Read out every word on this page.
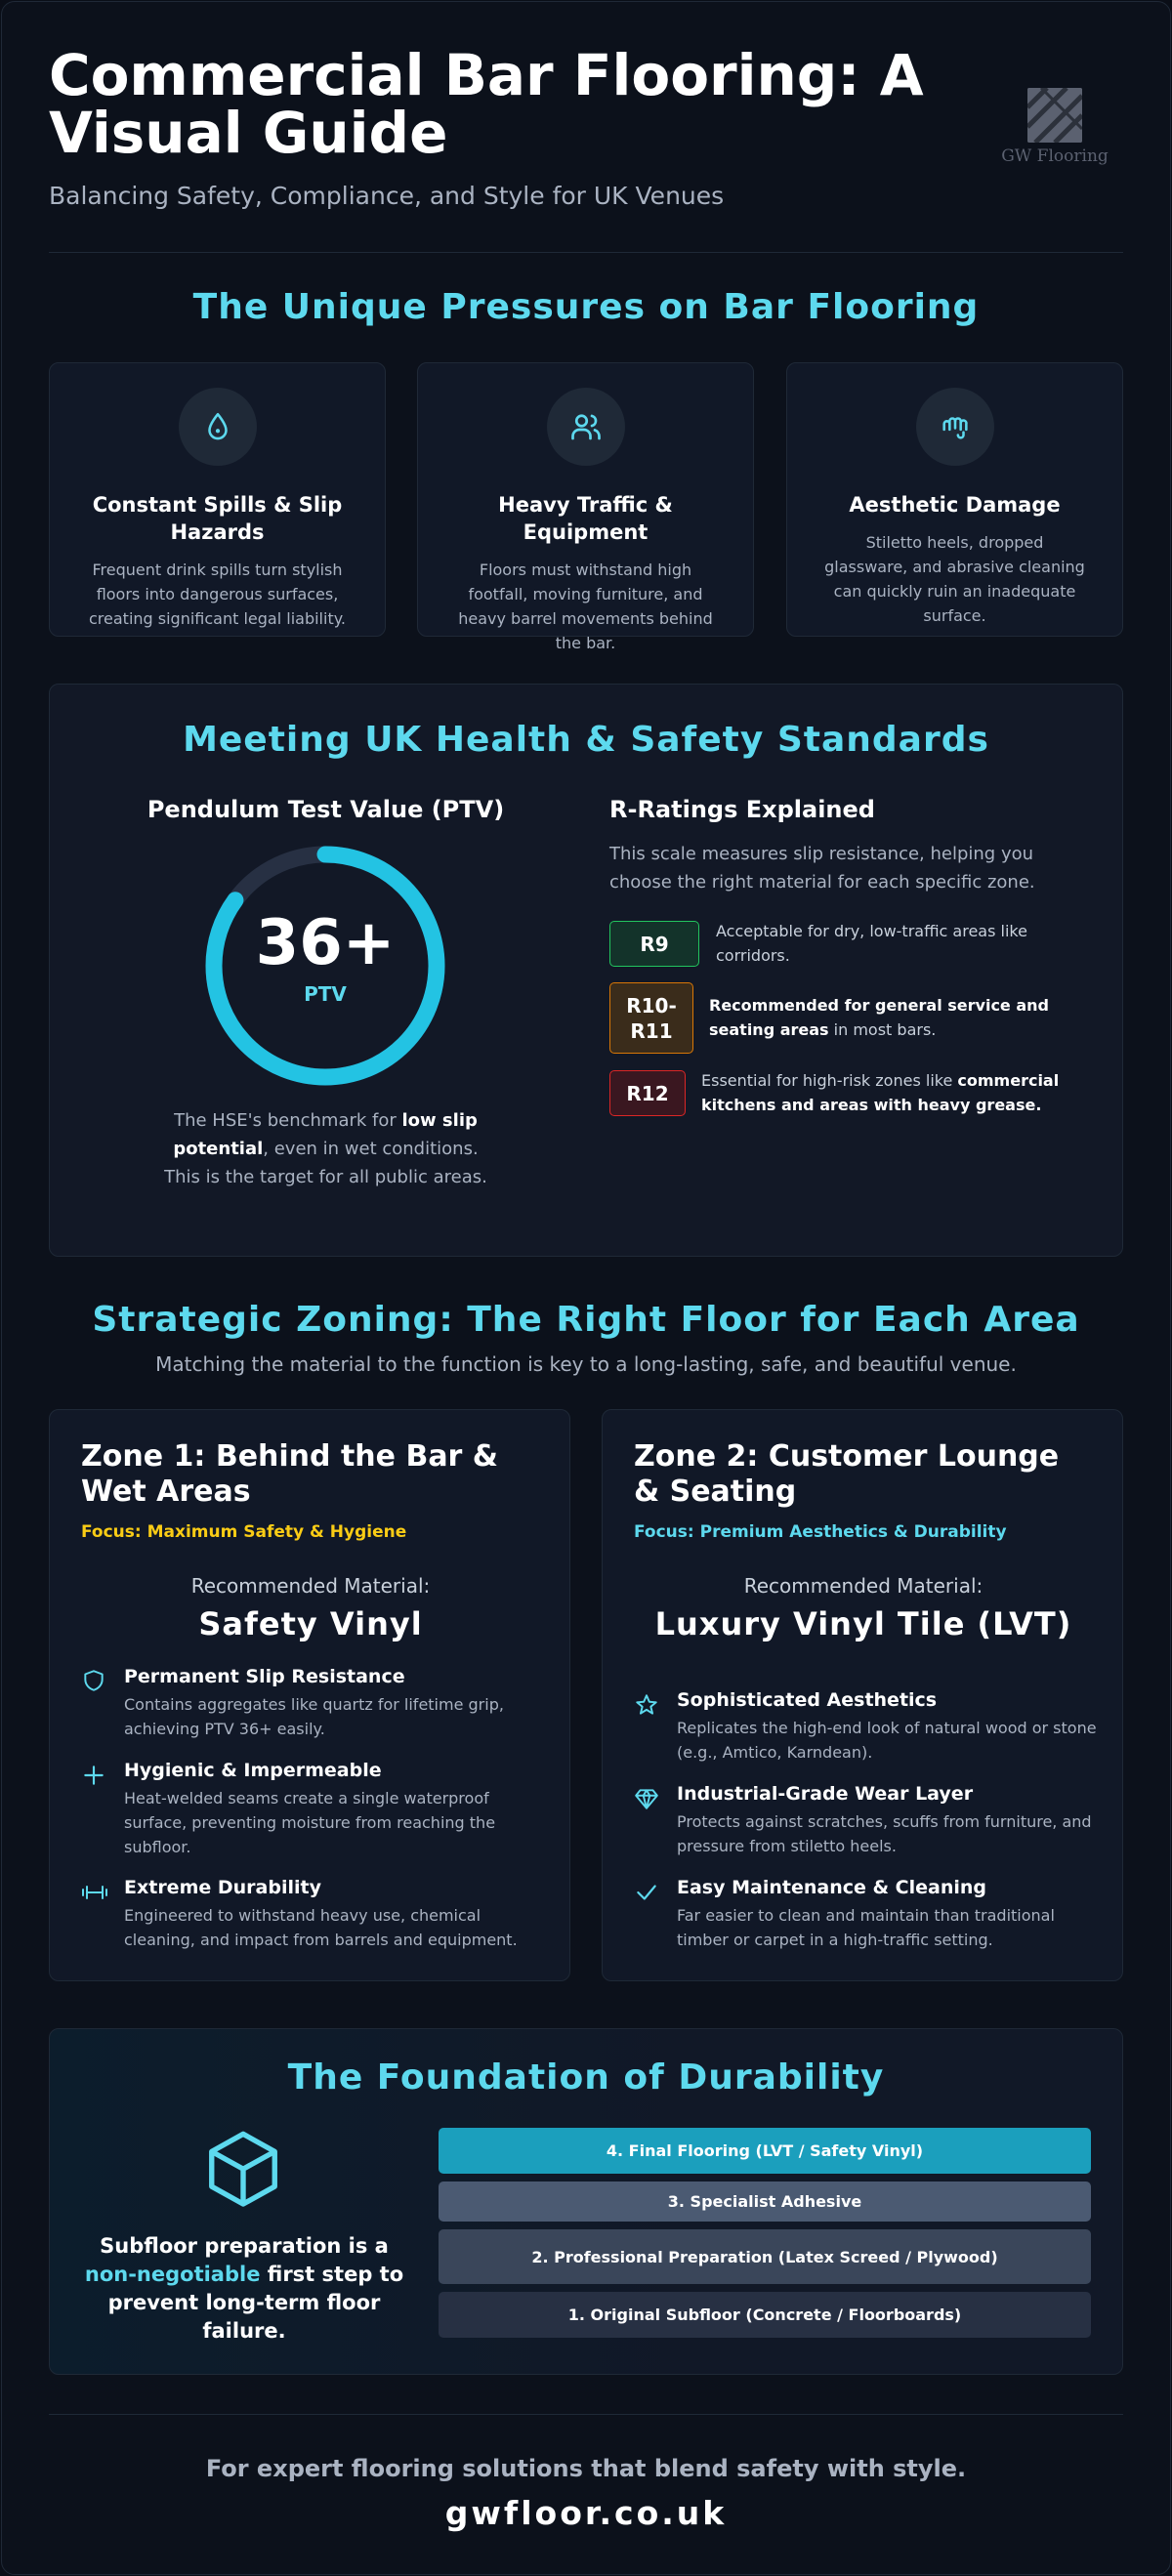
Commercial Bar Flooring: A Visual Guide
Balancing Safety, Compliance, and Style for UK Venues
GW Flooring
The Unique Pressures on Bar Flooring
Constant Spills & Slip Hazards
Frequent drink spills turn stylish floors into dangerous surfaces, creating significant legal liability.
Heavy Traffic & Equipment
Floors must withstand high footfall, moving furniture, and heavy barrel movements behind the bar.
Aesthetic Damage
Stiletto heels, dropped glassware, and abrasive cleaning can quickly ruin an inadequate surface.
Meeting UK Health & Safety Standards
Pendulum Test Value (PTV)
36+
PTV
The HSE's benchmark for low slip potential, even in wet conditions. This is the target for all public areas.
R-Ratings Explained
This scale measures slip resistance, helping you choose the right material for each specific zone.
R9
Acceptable for dry, low-traffic areas like corridors.
R10-R11
Recommended for general service and seating areas in most bars.
R12
Essential for high-risk zones like commercial kitchens and areas with heavy grease.
Strategic Zoning: The Right Floor for Each Area
Matching the material to the function is key to a long-lasting, safe, and beautiful venue.
Zone 1: Behind the Bar & Wet Areas
Focus: Maximum Safety & Hygiene
Recommended Material:
Safety Vinyl
Permanent Slip Resistance
Contains aggregates like quartz for lifetime grip, achieving PTV 36+ easily.
Hygienic & Impermeable
Heat-welded seams create a single waterproof surface, preventing moisture from reaching the subfloor.
Extreme Durability
Engineered to withstand heavy use, chemical cleaning, and impact from barrels and equipment.
Zone 2: Customer Lounge & Seating
Focus: Premium Aesthetics & Durability
Recommended Material:
Luxury Vinyl Tile (LVT)
Sophisticated Aesthetics
Replicates the high-end look of natural wood or stone (e.g., Amtico, Karndean).
Industrial-Grade Wear Layer
Protects against scratches, scuffs from furniture, and pressure from stiletto heels.
Easy Maintenance & Cleaning
Far easier to clean and maintain than traditional timber or carpet in a high-traffic setting.
The Foundation of Durability
Subfloor preparation is a non-negotiable first step to prevent long-term floor failure.
4. Final Flooring (LVT / Safety Vinyl)
3. Specialist Adhesive
2. Professional Preparation (Latex Screed / Plywood)
1. Original Subfloor (Concrete / Floorboards)
For expert flooring solutions that blend safety with style.
gwfloor.co.uk
